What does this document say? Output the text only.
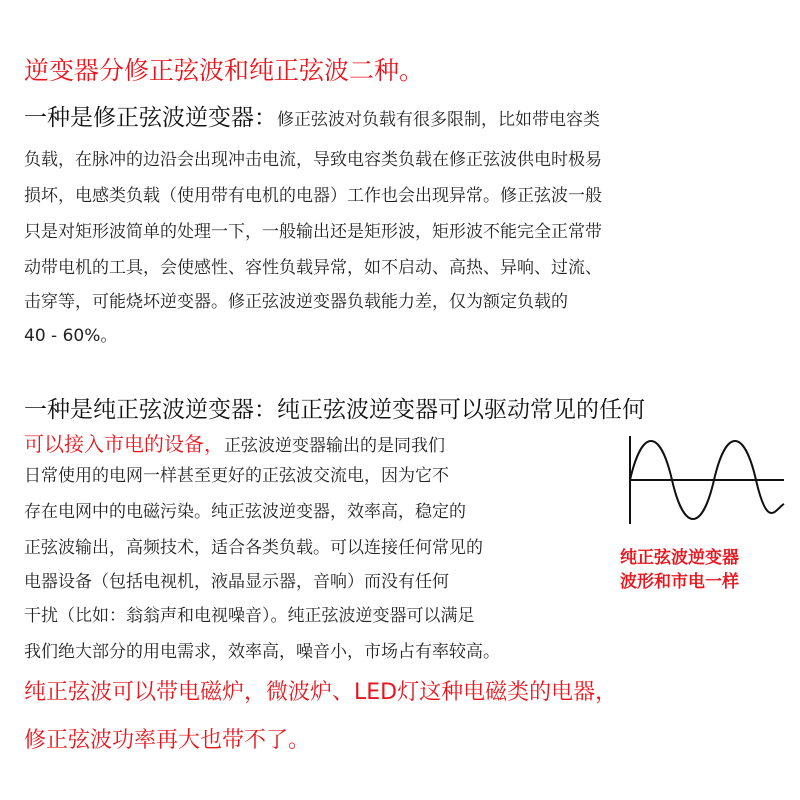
逆变器分修正弦波和纯正弦波二种。
一种是修正弦波逆变器：修正弦波对负载有很多限制，比如带电容类
负载，在脉冲的边沿会出现冲击电流，导致电容类负载在修正弦波供电时极易
损坏，电感类负载（使用带有电机的电器）工作也会出现异常。修正弦波一般
只是对矩形波简单的处理一下，一般输出还是矩形波，矩形波不能完全正常带
动带电机的工具，会使感性、容性负载异常，如不启动、高热、异响、过流、
击穿等，可能烧坏逆变器。修正弦波逆变器负载能力差，仅为额定负载的
40 - 60%。
一种是纯正弦波逆变器：纯正弦波逆变器可以驱动常见的任何
可以接入市电的设备，正弦波逆变器输出的是同我们
日常使用的电网一样甚至更好的正弦波交流电，因为它不
存在电网中的电磁污染。纯正弦波逆变器，效率高，稳定的
正弦波输出，高频技术，适合各类负载。可以连接任何常见的
电器设备（包括电视机，液晶显示器，音响）而没有任何
干扰（比如：翁翁声和电视噪音）。纯正弦波逆变器可以满足
我们绝大部分的用电需求，效率高，噪音小，市场占有率较高。
纯正弦波逆变器
波形和市电一样
纯正弦波可以带电磁炉，微波炉、LED灯这种电磁类的电器，
修正弦波功率再大也带不了。
